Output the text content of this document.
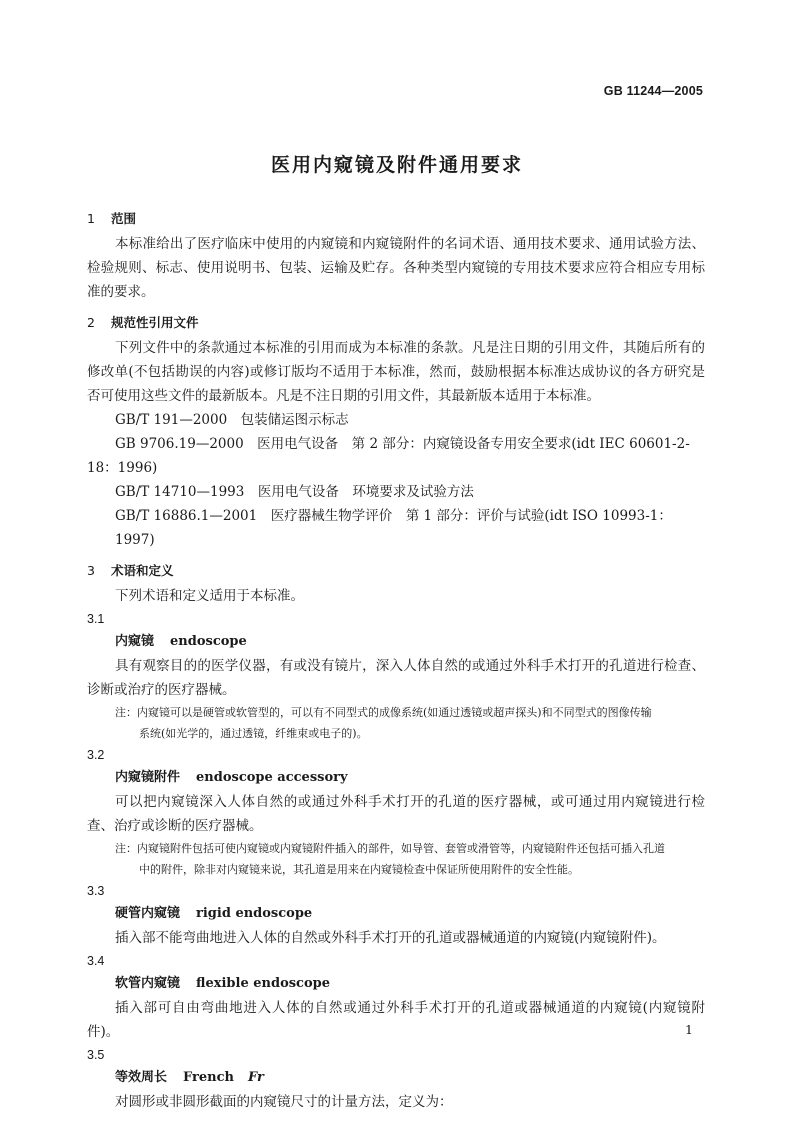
GB 11244—2005
医用内窥镜及附件通用要求
1 范围

本标准给出了医疗临床中使用的内窥镜和内窥镜附件的名词术语、通用技术要求、通用试验方法、检验规则、标志、使用说明书、包装、运输及贮存。各种类型内窥镜的专用技术要求应符合相应专用标准的要求。

2 规范性引用文件

下列文件中的条款通过本标准的引用而成为本标准的条款。凡是注日期的引用文件，其随后所有的修改单(不包括勘误的内容)或修订版均不适用于本标准，然而，鼓励根据本标准达成协议的各方研究是否可使用这些文件的最新版本。凡是不注日期的引用文件，其最新版本适用于本标准。

GB/T 191—2000　包装储运图示标志

GB 9706.19—2000　医用电气设备　第 2 部分：内窥镜设备专用安全要求(idt IEC 60601-2-18：1996)

GB/T 14710—1993　医用电气设备　环境要求及试验方法

GB/T 16886.1—2001　医疗器械生物学评价　第 1 部分：评价与试验(idt ISO 10993-1：1997)

3 术语和定义

下列术语和定义适用于本标准。

3.1
内窥镜 endoscope

具有观察目的的医学仪器，有或没有镜片，深入人体自然的或通过外科手术打开的孔道进行检查、诊断或治疗的医疗器械。

注：内窥镜可以是硬管或软管型的，可以有不同型式的成像系统(如通过透镜或超声探头)和不同型式的图像传输
系统(如光学的，通过透镜，纤维束或电子的)。
3.2
内窥镜附件 endoscope accessory

可以把内窥镜深入人体自然的或通过外科手术打开的孔道的医疗器械，或可通过用内窥镜进行检查、治疗或诊断的医疗器械。

注：内窥镜附件包括可使内窥镜或内窥镜附件插入的部件，如导管、套管或滑管等，内窥镜附件还包括可插入孔道
中的附件，除非对内窥镜来说，其孔道是用来在内窥镜检查中保证所使用附件的安全性能。
3.3
硬管内窥镜 rigid endoscope

插入部不能弯曲地进入人体的自然或外科手术打开的孔道或器械通道的内窥镜(内窥镜附件)。

3.4
软管内窥镜 flexible endoscope

插入部可自由弯曲地进入人体的自然或通过外科手术打开的孔道或器械通道的内窥镜(内窥镜附件)。

3.5
等效周长 French Fr

对圆形或非圆形截面的内窥镜尺寸的计量方法，定义为：

1
